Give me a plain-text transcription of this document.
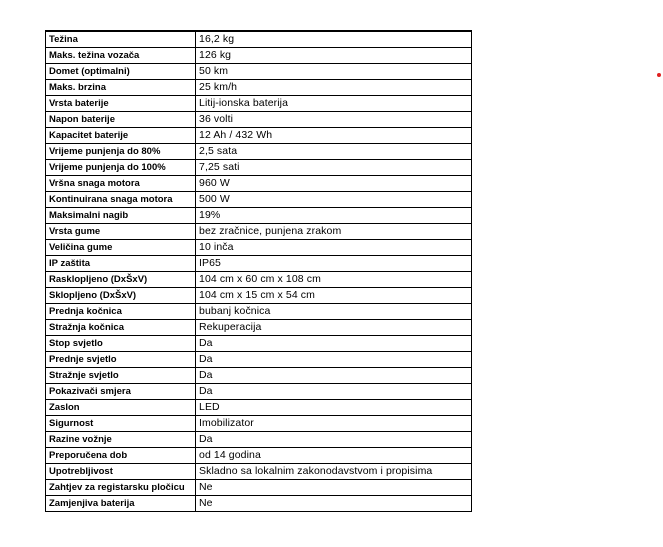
Težina	16,2 kg
Maks. težina vozača	126 kg
Domet (optimalni)	50 km
Maks. brzina	25 km/h
Vrsta baterije	Litij-ionska baterija
Napon baterije	36 volti
Kapacitet baterije	12 Ah / 432 Wh
Vrijeme punjenja do 80%	2,5 sata
Vrijeme punjenja do 100%	7,25 sati
Vršna snaga motora	960 W
Kontinuirana snaga motora	500 W
Maksimalni nagib	19%
Vrsta gume	bez zračnice, punjena zrakom
Veličina gume	10 inča
IP zaštita	IP65
Rasklopljeno (DxŠxV)	104 cm x 60 cm x 108 cm
Sklopljeno (DxŠxV)	104 cm x 15 cm x 54 cm
Prednja kočnica	bubanj kočnica
Stražnja kočnica	Rekuperacija
Stop svjetlo	Da
Prednje svjetlo	Da
Stražnje svjetlo	Da
Pokazivači smjera	Da
Zaslon	LED
Sigurnost	Imobilizator
Razine vožnje	Da
Preporučena dob	od 14 godina
Upotrebljivost	Skladno sa lokalnim zakonodavstvom i propisima
Zahtjev za registarsku pločicu	Ne
Zamjenjiva baterija	Ne
